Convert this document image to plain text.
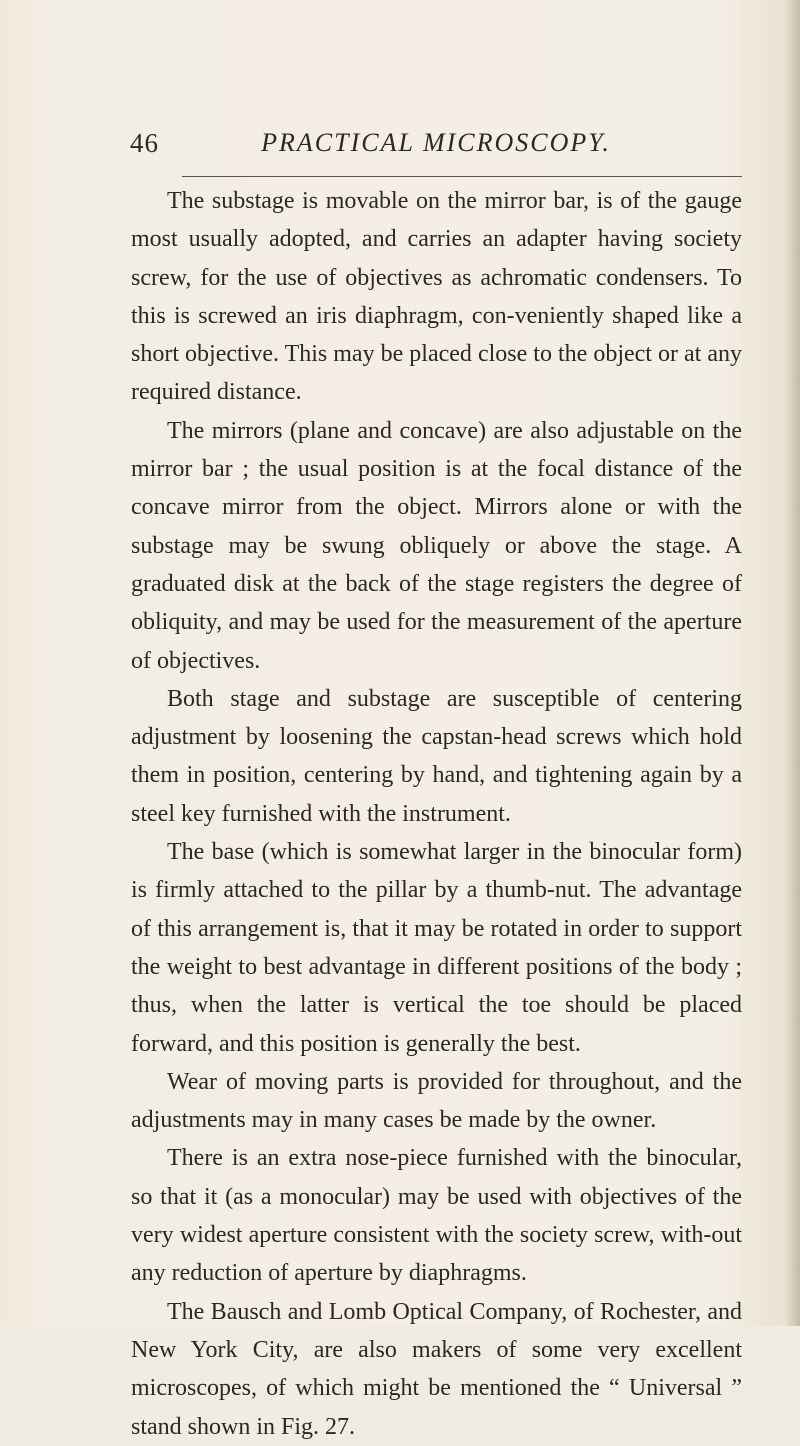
46	PRACTICAL MICROSCOPY.

The substage is movable on the mirror bar, is of the gauge most usually adopted, and carries an adapter having society screw, for the use of objectives as achromatic condensers. To this is screwed an iris diaphragm, con-veniently shaped like a short objective. This may be placed close to the object or at any required distance.

The mirrors (plane and concave) are also adjustable on the mirror bar ; the usual position is at the focal distance of the concave mirror from the object. Mirrors alone or with the substage may be swung obliquely or above the stage. A graduated disk at the back of the stage registers the degree of obliquity, and may be used for the measurement of the aperture of objectives.

Both stage and substage are susceptible of centering adjustment by loosening the capstan-head screws which hold them in position, centering by hand, and tightening again by a steel key furnished with the instrument.

The base (which is somewhat larger in the binocular form) is firmly attached to the pillar by a thumb-nut. The advantage of this arrangement is, that it may be rotated in order to support the weight to best advantage in different positions of the body ; thus, when the latter is vertical the toe should be placed forward, and this position is generally the best.

Wear of moving parts is provided for throughout, and the adjustments may in many cases be made by the owner.

There is an extra nose-piece furnished with the binocular, so that it (as a monocular) may be used with objectives of the very widest aperture consistent with the society screw, with-out any reduction of aperture by diaphragms.

The Bausch and Lomb Optical Company, of Rochester, and New York City, are also makers of some very excellent microscopes, of which might be mentioned the “ Universal ” stand shown in Fig. 27.
